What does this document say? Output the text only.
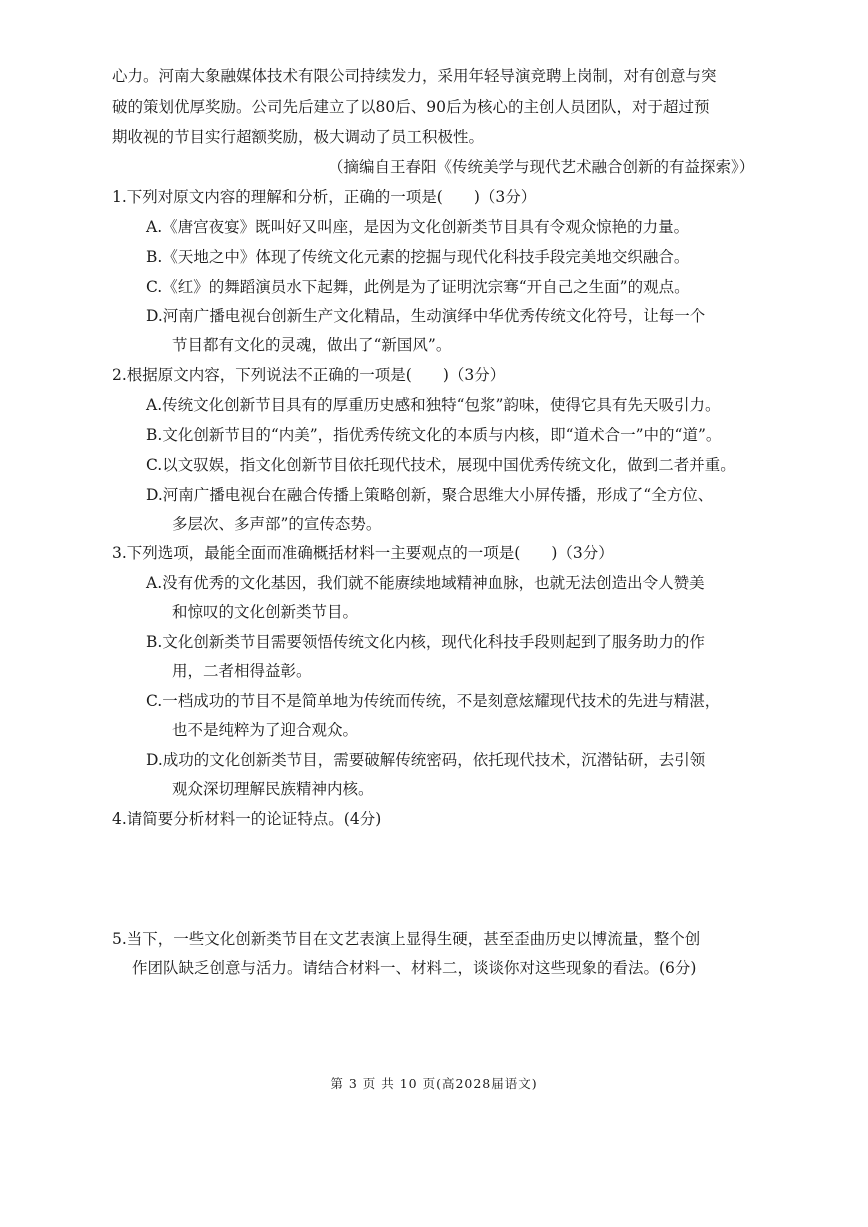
心力。河南大象融媒体技术有限公司持续发力，采用年轻导演竞聘上岗制，对有创意与突
破的策划优厚奖励。公司先后建立了以80后、90后为核心的主创人员团队，对于超过预
期收视的节目实行超额奖励，极大调动了员工积极性。
（摘编自王春阳《传统美学与现代艺术融合创新的有益探索》）
1.下列对原文内容的理解和分析，正确的一项是(　　)（3分）
A.《唐宫夜宴》既叫好又叫座，是因为文化创新类节目具有令观众惊艳的力量。
B.《天地之中》体现了传统文化元素的挖掘与现代化科技手段完美地交织融合。
C.《红》的舞蹈演员水下起舞，此例是为了证明沈宗骞“开自己之生面”的观点。
D.河南广播电视台创新生产文化精品，生动演绎中华优秀传统文化符号，让每一个
节目都有文化的灵魂，做出了“新国风”。
2.根据原文内容，下列说法不正确的一项是(　　)（3分）
A.传统文化创新节目具有的厚重历史感和独特“包浆”韵味，使得它具有先天吸引力。
B.文化创新节目的“内美”，指优秀传统文化的本质与内核，即“道术合一”中的“道”。
C.以文驭娱，指文化创新节目依托现代技术，展现中国优秀传统文化，做到二者并重。
D.河南广播电视台在融合传播上策略创新，聚合思维大小屏传播，形成了“全方位、
多层次、多声部”的宣传态势。
3.下列选项，最能全面而准确概括材料一主要观点的一项是(　　)（3分）
A.没有优秀的文化基因，我们就不能赓续地域精神血脉，也就无法创造出令人赞美
和惊叹的文化创新类节目。
B.文化创新类节目需要领悟传统文化内核，现代化科技手段则起到了服务助力的作
用，二者相得益彰。
C.一档成功的节目不是简单地为传统而传统，不是刻意炫耀现代技术的先进与精湛，
也不是纯粹为了迎合观众。
D.成功的文化创新类节目，需要破解传统密码，依托现代技术，沉潜钻研，去引领
观众深切理解民族精神内核。
4.请简要分析材料一的论证特点。(4分)
5.当下，一些文化创新类节目在文艺表演上显得生硬，甚至歪曲历史以博流量，整个创
作团队缺乏创意与活力。请结合材料一、材料二，谈谈你对这些现象的看法。(6分)
第 3 页 共 10 页(高2028届语文)
